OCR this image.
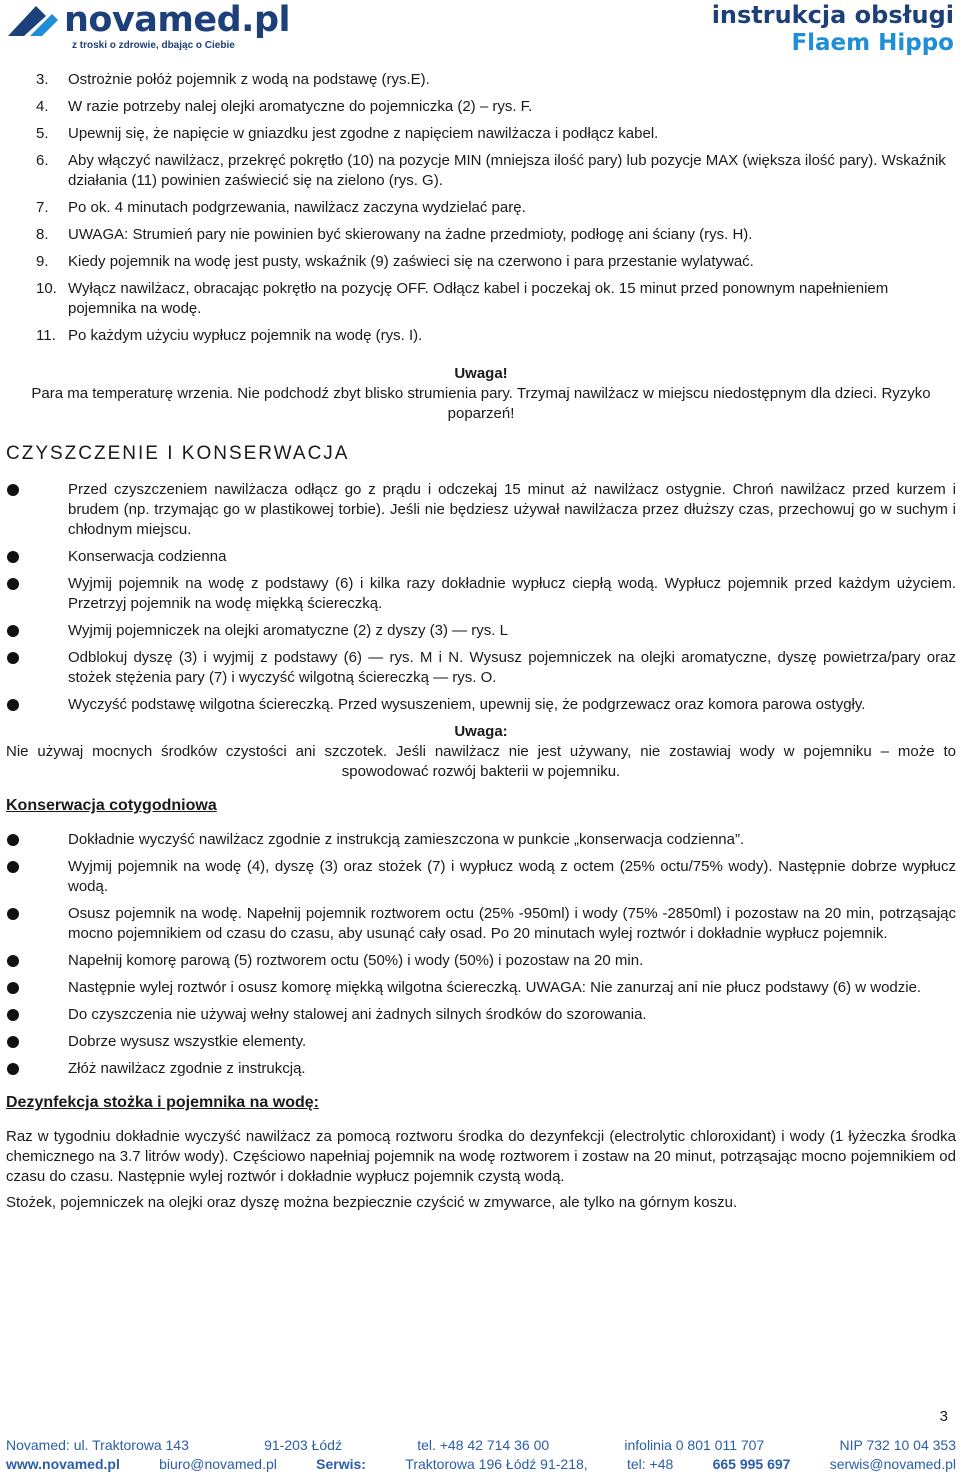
novamed.pl
z troski o zdrowie, dbając o Ciebie
instrukcja obsługi
Flaem Hippo
3. Ostrożnie połóż pojemnik z wodą na podstawę (rys.E).
4. W razie potrzeby nalej olejki aromatyczne do pojemniczka (2) – rys. F.
5. Upewnij się, że napięcie w gniazdku jest zgodne z napięciem nawilżacza i podłącz kabel.
6. Aby włączyć nawilżacz, przekręć pokrętło (10) na pozycje MIN (mniejsza ilość pary) lub pozycje MAX (większa ilość pary). Wskaźnik działania (11) powinien zaświecić się na zielono (rys. G).
7. Po ok. 4 minutach podgrzewania, nawilżacz zaczyna wydzielać parę.
8. UWAGA: Strumień pary nie powinien być skierowany na żadne przedmioty, podłogę ani ściany (rys. H).
9. Kiedy pojemnik na wodę jest pusty, wskaźnik (9) zaświeci się na czerwono i para przestanie wylatywać.
10. Wyłącz nawilżacz, obracając pokrętło na pozycję OFF. Odłącz kabel i poczekaj ok. 15 minut przed ponownym napełnieniem pojemnika na wodę.
11. Po każdym użyciu wypłucz pojemnik na wodę (rys. I).
Uwaga!
Para ma temperaturę wrzenia. Nie podchodź zbyt blisko strumienia pary. Trzymaj nawilżacz w miejscu niedostępnym dla dzieci. Ryzyko poparzeń!
CZYSZCZENIE I KONSERWACJA
Przed czyszczeniem nawilżacza odłącz go z prądu i odczekaj 15 minut aż nawilżacz ostygnie. Chroń nawilżacz przed kurzem i brudem (np. trzymając go w plastikowej torbie). Jeśli nie będziesz używał nawilżacza przez dłuższy czas, przechowuj go w suchym i chłodnym miejscu.
Konserwacja codzienna
Wyjmij pojemnik na wodę z podstawy (6) i kilka razy dokładnie wypłucz ciepłą wodą. Wypłucz pojemnik przed każdym użyciem. Przetrzyj pojemnik na wodę miękką ściereczką.
Wyjmij pojemniczek na olejki aromatyczne (2) z dyszy (3) — rys. L
Odblokuj dyszę (3) i wyjmij z podstawy (6) — rys. M i N. Wysusz pojemniczek na olejki aromatyczne, dyszę powietrza/pary oraz stożek stężenia pary (7) i wyczyść wilgotną ściereczką — rys. O.
Wyczyść podstawę wilgotna ściereczką. Przed wysuszeniem, upewnij się, że podgrzewacz oraz komora parowa ostygły.
Uwaga:
Nie używaj mocnych środków czystości ani szczotek. Jeśli nawilżacz nie jest używany, nie zostawiaj wody w pojemniku – może to spowodować rozwój bakterii w pojemniku.
Konserwacja cotygodniowa
Dokładnie wyczyść nawilżacz zgodnie z instrukcją zamieszczona w punkcie „konserwacja codzienna”.
Wyjmij pojemnik na wodę (4), dyszę (3) oraz stożek (7) i wypłucz wodą z octem (25% octu/75% wody). Następnie dobrze wypłucz wodą.
Osusz pojemnik na wodę. Napełnij pojemnik roztworem octu (25% -950ml) i wody (75% -2850ml) i pozostaw na 20 min, potrząsając mocno pojemnikiem od czasu do czasu, aby usunąć cały osad. Po 20 minutach wylej roztwór i dokładnie wypłucz pojemnik.
Napełnij komorę parową (5) roztworem octu (50%) i wody (50%) i pozostaw na 20 min.
Następnie wylej roztwór i osusz komorę miękką wilgotna ściereczką. UWAGA: Nie zanurzaj ani nie płucz podstawy (6) w wodzie.
Do czyszczenia nie używaj wełny stalowej ani żadnych silnych środków do szorowania.
Dobrze wysusz wszystkie elementy.
Złóż nawilżacz zgodnie z instrukcją.
Dezynfekcja stożka i pojemnika na wodę:

Raz w tygodniu dokładnie wyczyść nawilżacz za pomocą roztworu środka do dezynfekcji (electrolytic chloroxidant) i wody (1 łyżeczka środka chemicznego na 3.7 litrów wody). Częściowo napełniaj pojemnik na wodę roztworem i zostaw na 20 minut, potrząsając mocno pojemnikiem od czasu do czasu. Następnie wylej roztwór i dokładnie wypłucz pojemnik czystą wodą.

Stożek, pojemniczek na olejki oraz dyszę można bezpiecznie czyścić w zmywarce, ale tylko na górnym koszu.

3
Novamed: ul. Traktorowa 143	91-203 Łódź	tel. +48 42 714 36 00	infolinia 0 801 011 707	NIP 732 10 04 353
www.novamed.pl	biuro@novamed.pl	Serwis:	Traktorowa 196 Łódź 91-218,	tel: +48	665 995 697	serwis@novamed.pl
